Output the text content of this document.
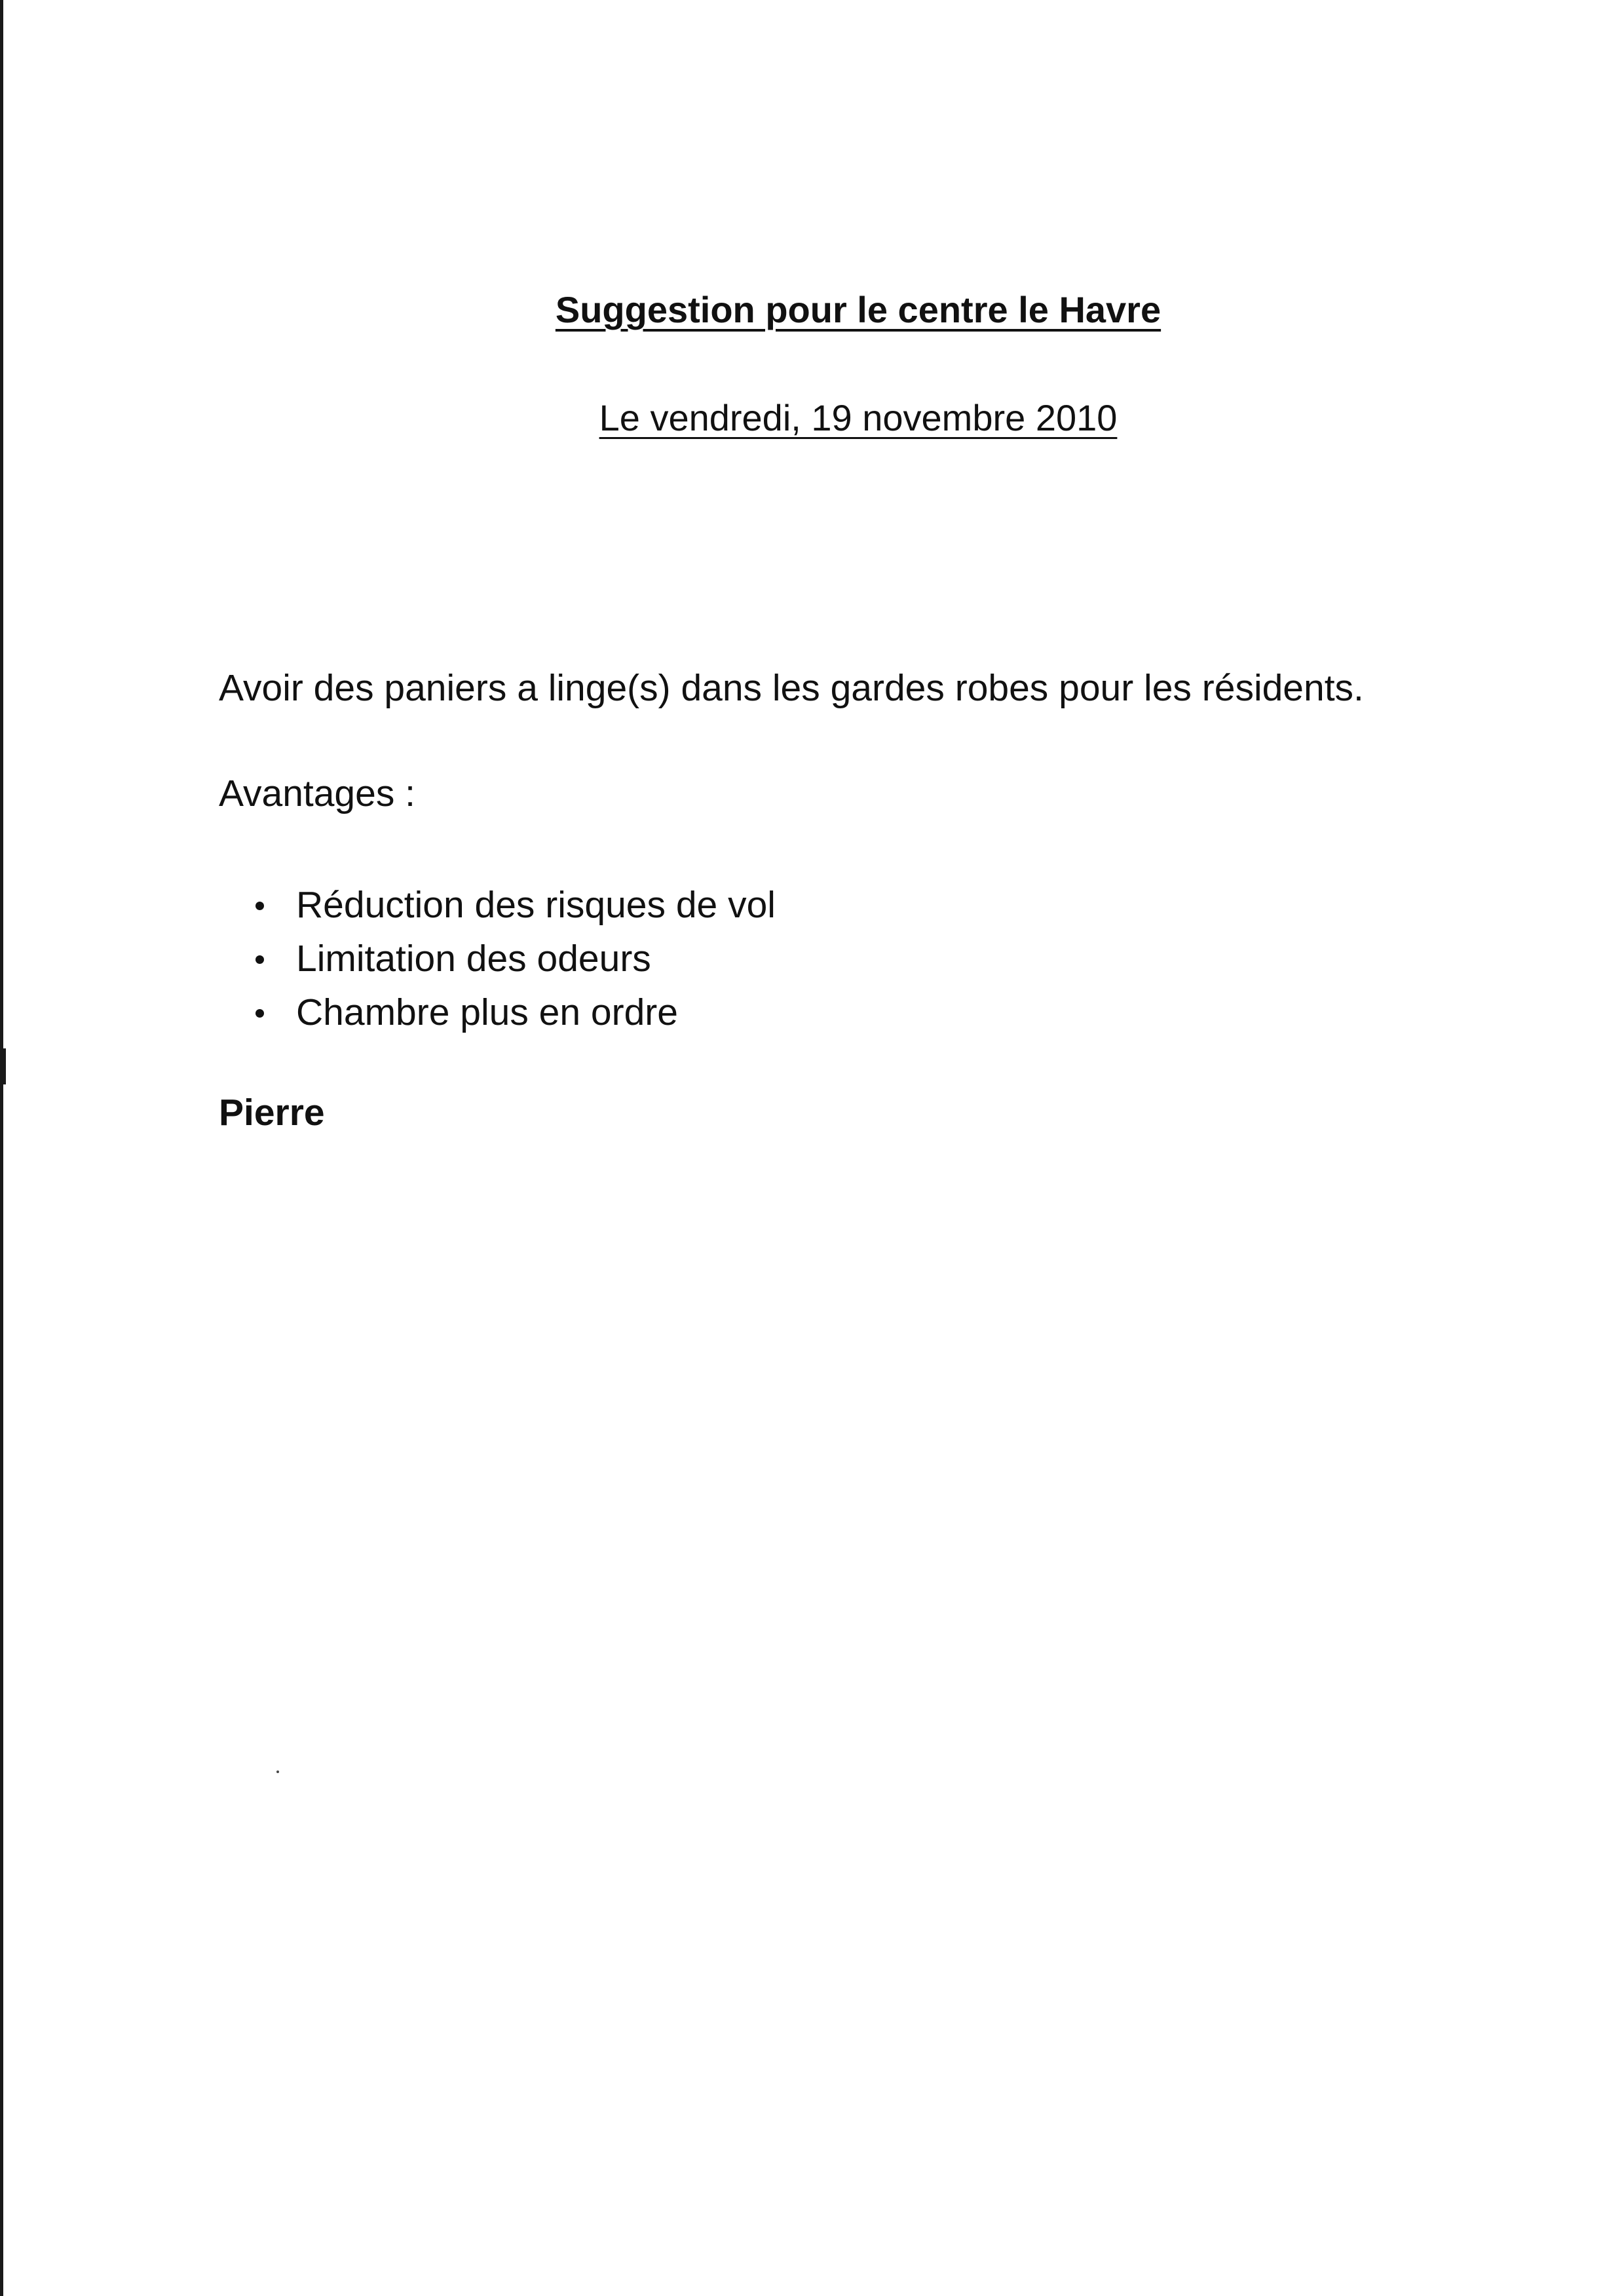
Suggestion pour le centre le Havre
Le vendredi, 19 novembre 2010
Avoir des paniers a linge(s) dans les gardes robes pour les résidents.
Avantages :
Réduction des risques de vol
Limitation des odeurs
Chambre plus en ordre
Pierre
